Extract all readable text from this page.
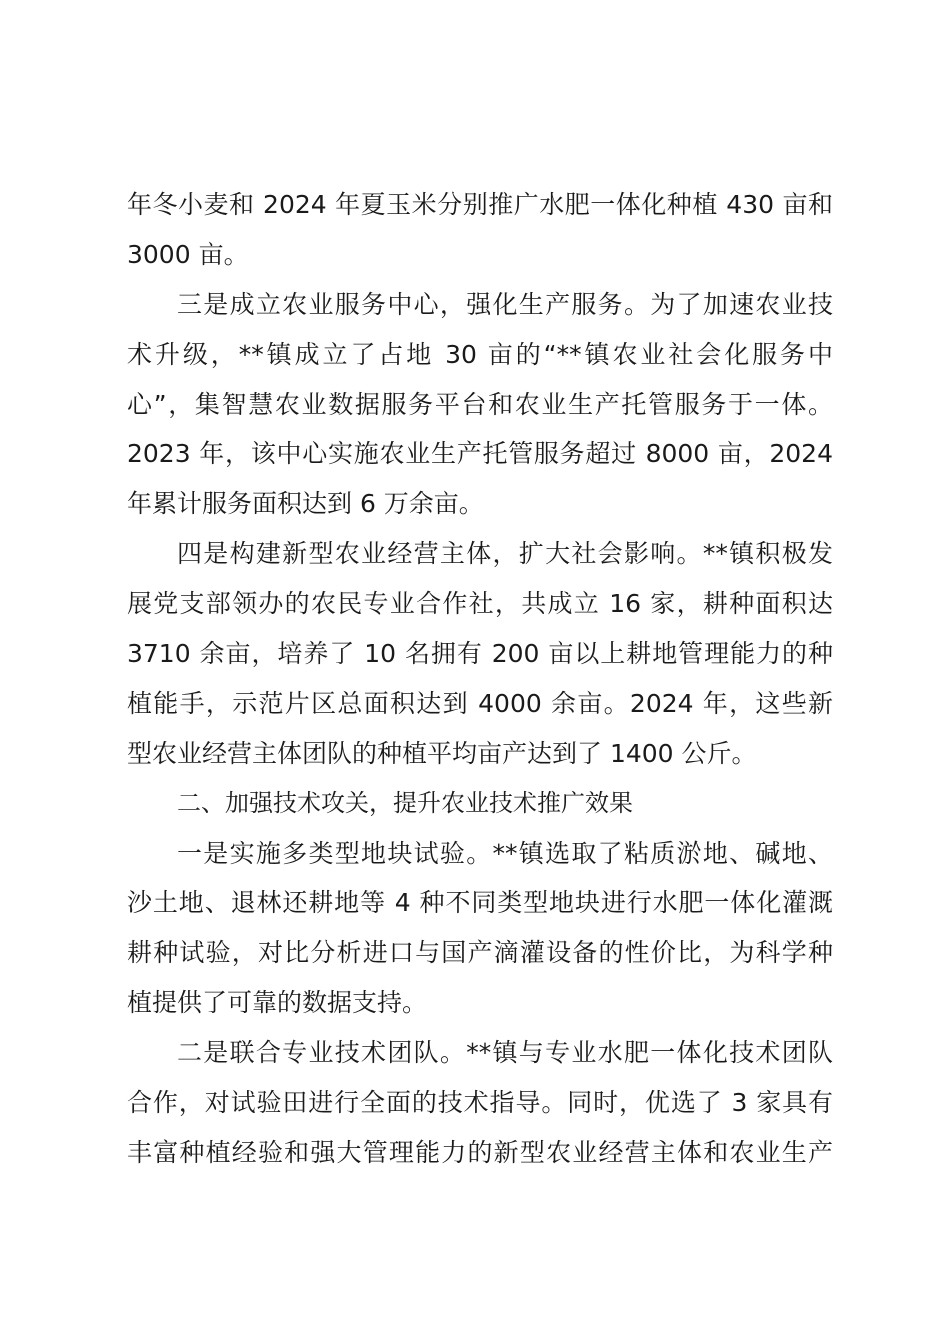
年冬小麦和 2024 年夏玉米分别推广水肥一体化种植 430 亩和
3000 亩。
三是成立农业服务中心，强化生产服务。为了加速农业技
术升级，**镇成立了占地 30 亩的“**镇农业社会化服务中
心”，集智慧农业数据服务平台和农业生产托管服务于一体。
2023 年，该中心实施农业生产托管服务超过 8000 亩，2024
年累计服务面积达到 6 万余亩。
四是构建新型农业经营主体，扩大社会影响。**镇积极发
展党支部领办的农民专业合作社，共成立 16 家，耕种面积达
3710 余亩，培养了 10 名拥有 200 亩以上耕地管理能力的种
植能手，示范片区总面积达到 4000 余亩。2024 年，这些新
型农业经营主体团队的种植平均亩产达到了 1400 公斤。
二、加强技术攻关，提升农业技术推广效果
一是实施多类型地块试验。**镇选取了粘质淤地、碱地、
沙土地、退林还耕地等 4 种不同类型地块进行水肥一体化灌溉
耕种试验，对比分析进口与国产滴灌设备的性价比，为科学种
植提供了可靠的数据支持。
二是联合专业技术团队。**镇与专业水肥一体化技术团队
合作，对试验田进行全面的技术指导。同时，优选了 3 家具有
丰富种植经验和强大管理能力的新型农业经营主体和农业生产
